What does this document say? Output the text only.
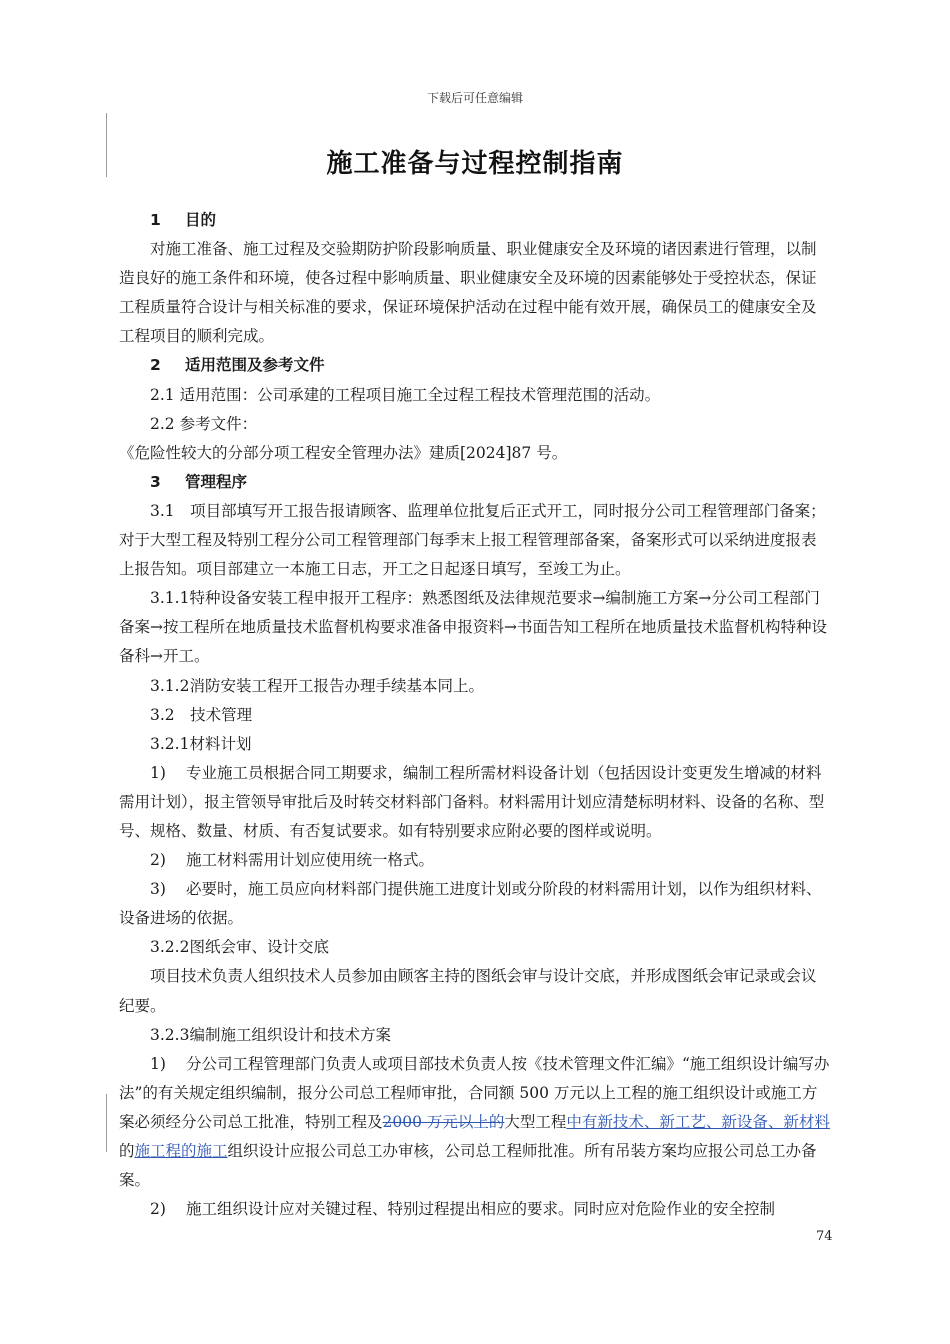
下载后可任意编辑
施工准备与过程控制指南

1 目的

对施工准备、施工过程及交验期防护阶段影响质量、职业健康安全及环境的诸因素进行管理，以制造良好的施工条件和环境，使各过程中影响质量、职业健康安全及环境的因素能够处于受控状态，保证工程质量符合设计与相关标准的要求，保证环境保护活动在过程中能有效开展，确保员工的健康安全及工程项目的顺利完成。

2 适用范围及参考文件

2.1 适用范围：公司承建的工程项目施工全过程工程技术管理范围的活动。

2.2 参考文件：

《危险性较大的分部分项工程安全管理办法》建质[2024]87 号。

3 管理程序

3.1　项目部填写开工报告报请顾客、监理单位批复后正式开工，同时报分公司工程管理部门备案；对于大型工程及特别工程分公司工程管理部门每季末上报工程管理部备案，备案形式可以采纳进度报表上报告知。项目部建立一本施工日志，开工之日起逐日填写，至竣工为止。

3.1.1特种设备安装工程申报开工程序：熟悉图纸及法律规范要求→编制施工方案→分公司工程部门备案→按工程所在地质量技术监督机构要求准备申报资料→书面告知工程所在地质量技术监督机构特种设备科→开工。

3.1.2消防安装工程开工报告办理手续基本同上。

3.2　技术管理

3.2.1材料计划

1) 专业施工员根据合同工期要求，编制工程所需材料设备计划（包括因设计变更发生增减的材料需用计划），报主管领导审批后及时转交材料部门备料。材料需用计划应清楚标明材料、设备的名称、型号、规格、数量、材质、有否复试要求。如有特别要求应附必要的图样或说明。

2) 施工材料需用计划应使用统一格式。

3) 必要时，施工员应向材料部门提供施工进度计划或分阶段的材料需用计划，以作为组织材料、设备进场的依据。

3.2.2图纸会审、设计交底

项目技术负责人组织技术人员参加由顾客主持的图纸会审与设计交底，并形成图纸会审记录或会议纪要。

3.2.3编制施工组织设计和技术方案

1) 分公司工程管理部门负责人或项目部技术负责人按《技术管理文件汇编》“施工组织设计编写办法”的有关规定组织编制，报分公司总工程师审批，合同额 500 万元以上工程的施工组织设计或施工方案必须经分公司总工批准，特别工程及2000 万元以上的大型工程中有新技术、新工艺、新设备、新材料的施工程的施工组织设计应报公司总工办审核，公司总工程师批准。所有吊装方案均应报公司总工办备案。

2) 施工组织设计应对关键过程、特别过程提出相应的要求。同时应对危险作业的安全控制

74
